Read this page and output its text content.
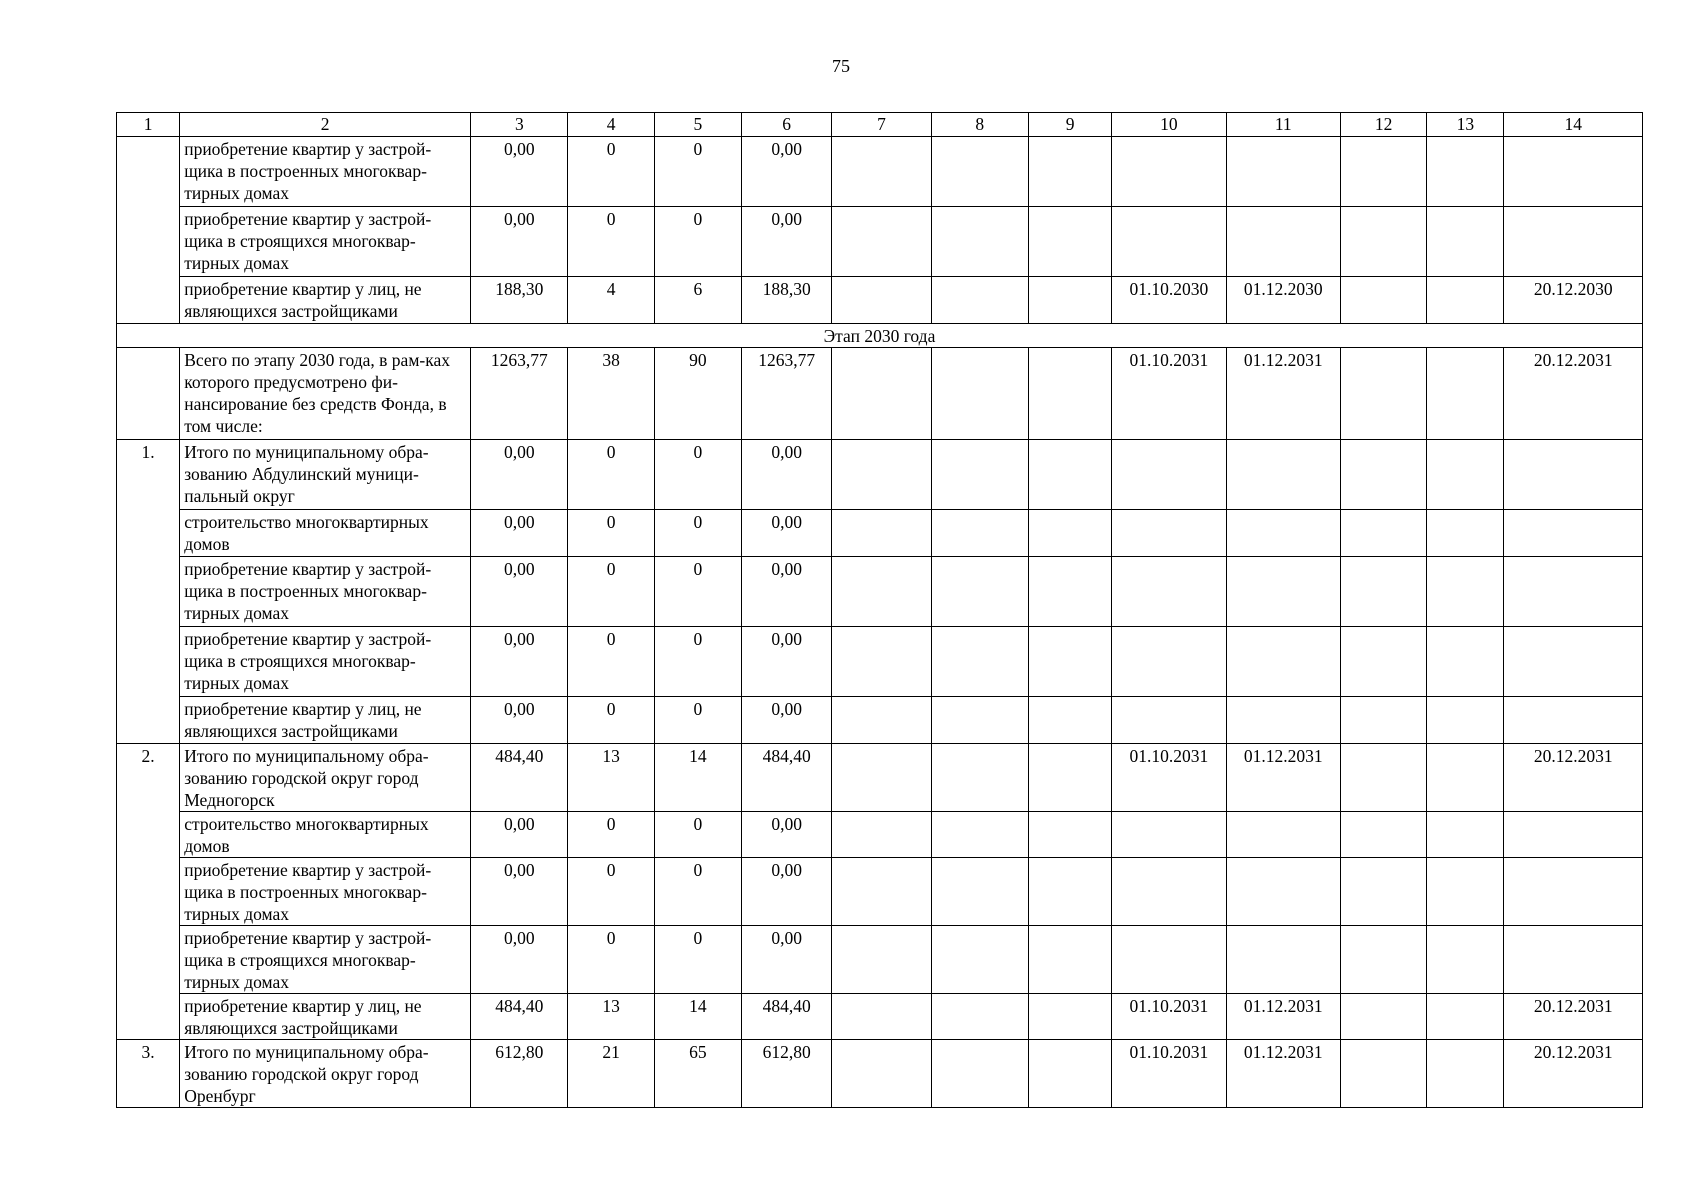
75
1	2	3	4	5	6	7	8	9	10	11	12	13	14
	приобретение квартир у застрой-щика в построенных многоквар-тирных домах	0,00	0	0	0,00								
	приобретение квартир у застрой-щика в строящихся многоквар-тирных домах	0,00	0	0	0,00								
	приобретение квартир у лиц, не являющихся застройщиками	188,30	4	6	188,30				01.10.2030	01.12.2030			20.12.2030
Этап 2030 года													
	Всего по этапу 2030 года, в рам-ках которого предусмотрено фи-нансирование без средств Фонда, в том числе:	1263,77	38	90	1263,77				01.10.2031	01.12.2031			20.12.2031
1.	Итого по муниципальному обра-зованию Абдулинский муници-пальный округ	0,00	0	0	0,00								
	строительство многоквартирных домов	0,00	0	0	0,00								
	приобретение квартир у застрой-щика в построенных многоквар-тирных домах	0,00	0	0	0,00								
	приобретение квартир у застрой-щика в строящихся многоквар-тирных домах	0,00	0	0	0,00								
	приобретение квартир у лиц, не являющихся застройщиками	0,00	0	0	0,00								
2.	Итого по муниципальному обра-зованию городской округ город Медногорск	484,40	13	14	484,40				01.10.2031	01.12.2031			20.12.2031
	строительство многоквартирных домов	0,00	0	0	0,00								
	приобретение квартир у застрой-щика в построенных многоквар-тирных домах	0,00	0	0	0,00								
	приобретение квартир у застрой-щика в строящихся многоквар-тирных домах	0,00	0	0	0,00								
	приобретение квартир у лиц, не являющихся застройщиками	484,40	13	14	484,40				01.10.2031	01.12.2031			20.12.2031
3.	Итого по муниципальному обра-зованию городской округ город Оренбург	612,80	21	65	612,80				01.10.2031	01.12.2031			20.12.2031
